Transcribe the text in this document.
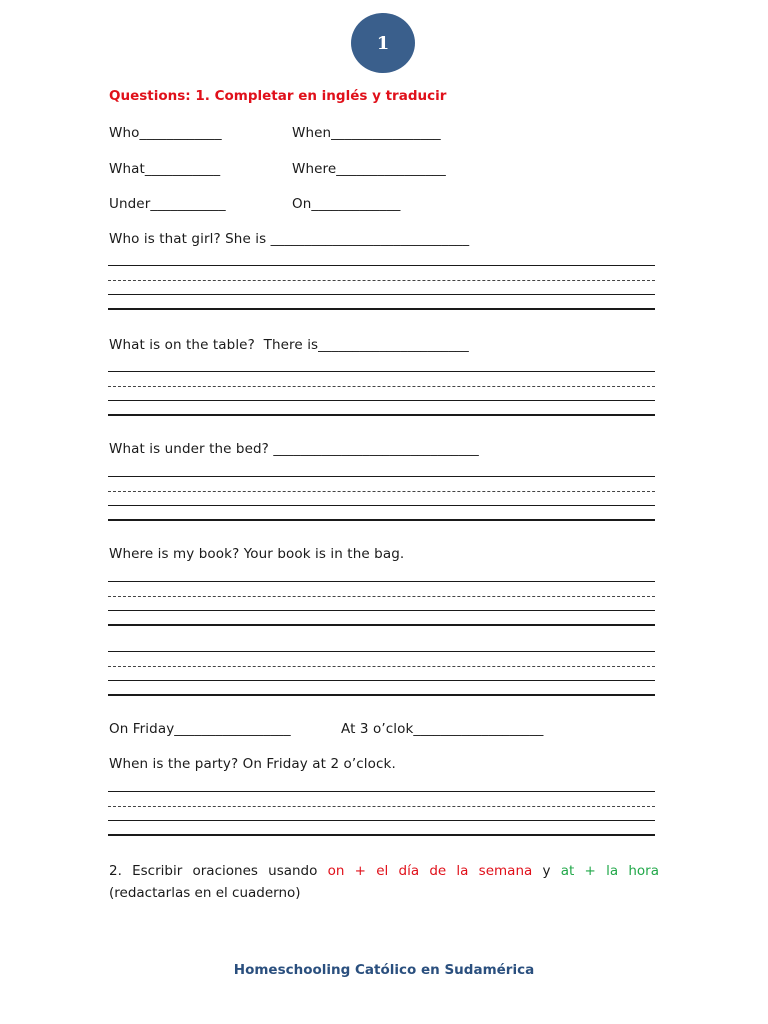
1
Questions: 1. Completar en inglés y traducir
Who____________	When________________
What___________	Where________________
Under___________	On_____________
Who is that girl? She is _____________________________
What is on the table?  There is______________________
What is under the bed? ______________________________
Where is my book? Your book is in the bag.
On Friday_________________	At 3 o’clok___________________
When is the party? On Friday at 2 o’clock.
2. Escribir oraciones usando on + el día de la semana y at + la hora
(redactarlas en el cuaderno)
Homeschooling Católico en Sudamérica
